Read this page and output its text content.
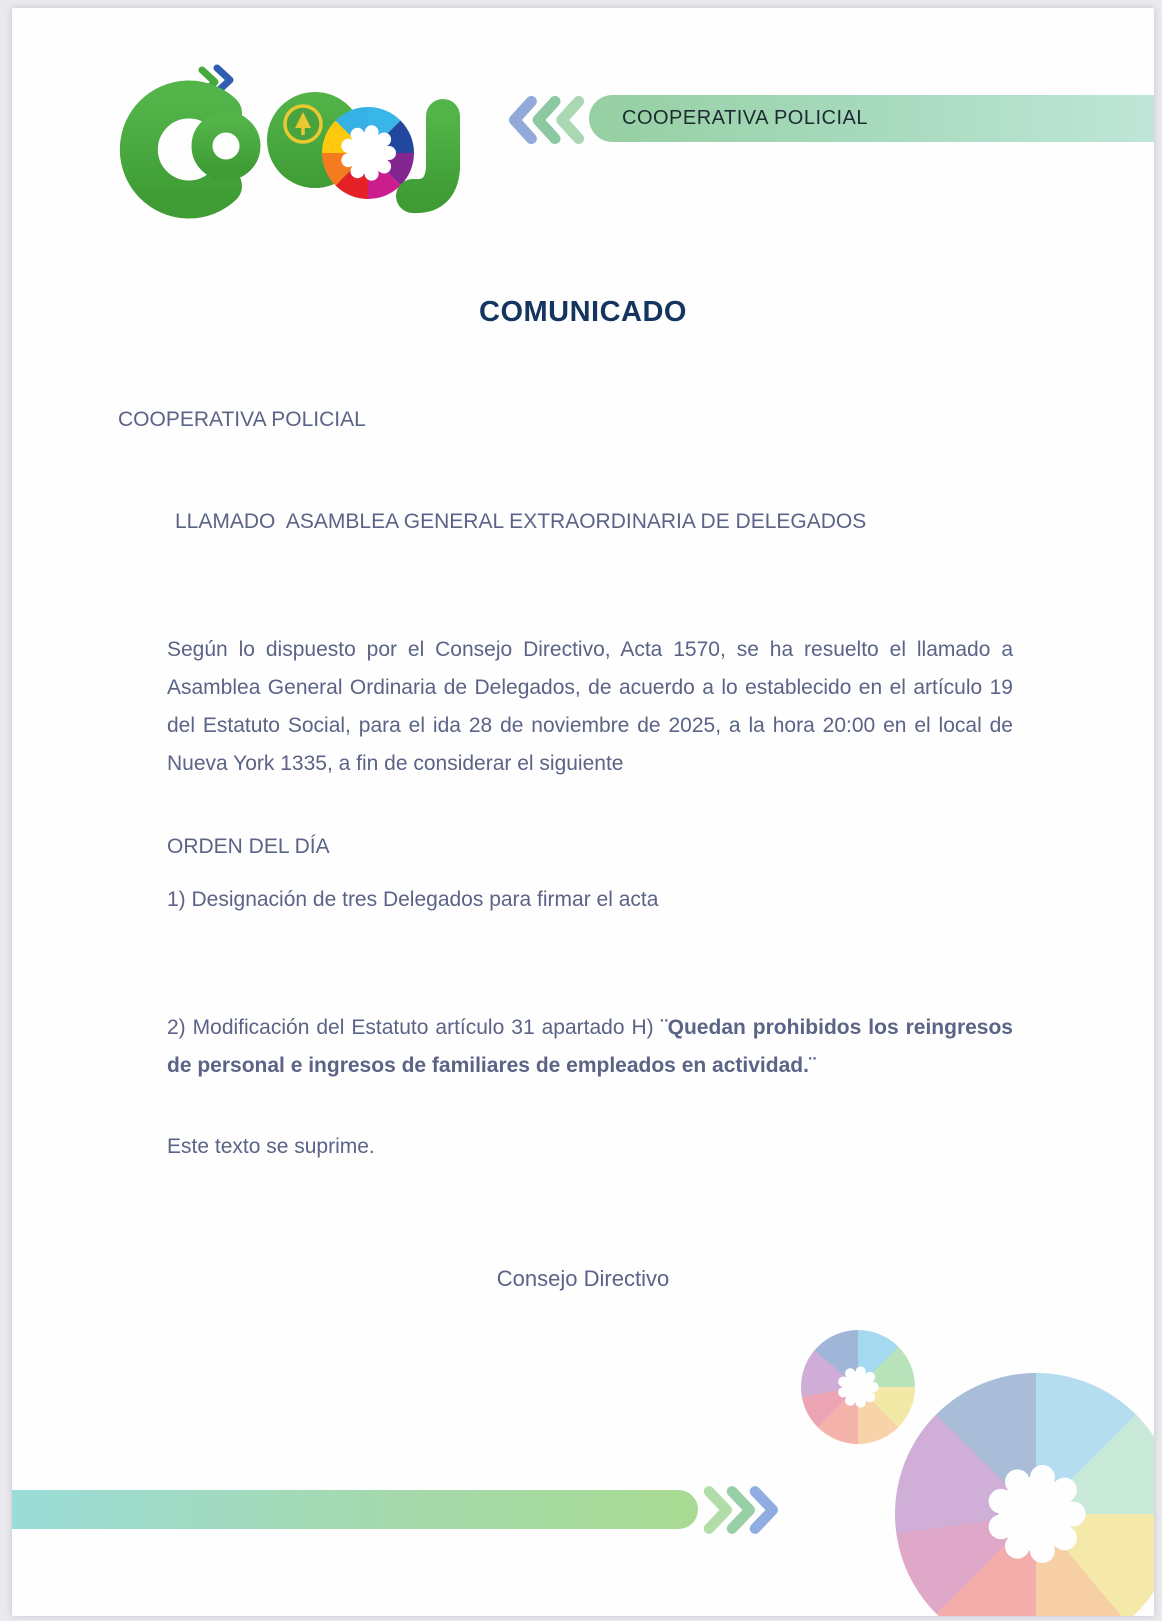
COOPERATIVA POLICIAL
COMUNICADO
COOPERATIVA POLICIAL
LLAMADO  ASAMBLEA GENERAL EXTRAORDINARIA DE DELEGADOS

Según lo dispuesto por el Consejo Directivo, Acta 1570, se ha resuelto el llamado a Asamblea General Ordinaria de Delegados, de acuerdo a lo establecido en el artículo 19 del Estatuto Social, para el ida 28 de noviembre de 2025, a la hora 20:00 en el local de Nueva York 1335, a fin de considerar el siguiente

ORDEN DEL DÍA
1) Designación de tres Delegados para firmar el acta

2) Modificación del Estatuto artículo 31 apartado H) ¨Quedan prohibidos los reingresos de personal e ingresos de familiares de empleados en actividad.¨

Este texto se suprime.
Consejo Directivo
